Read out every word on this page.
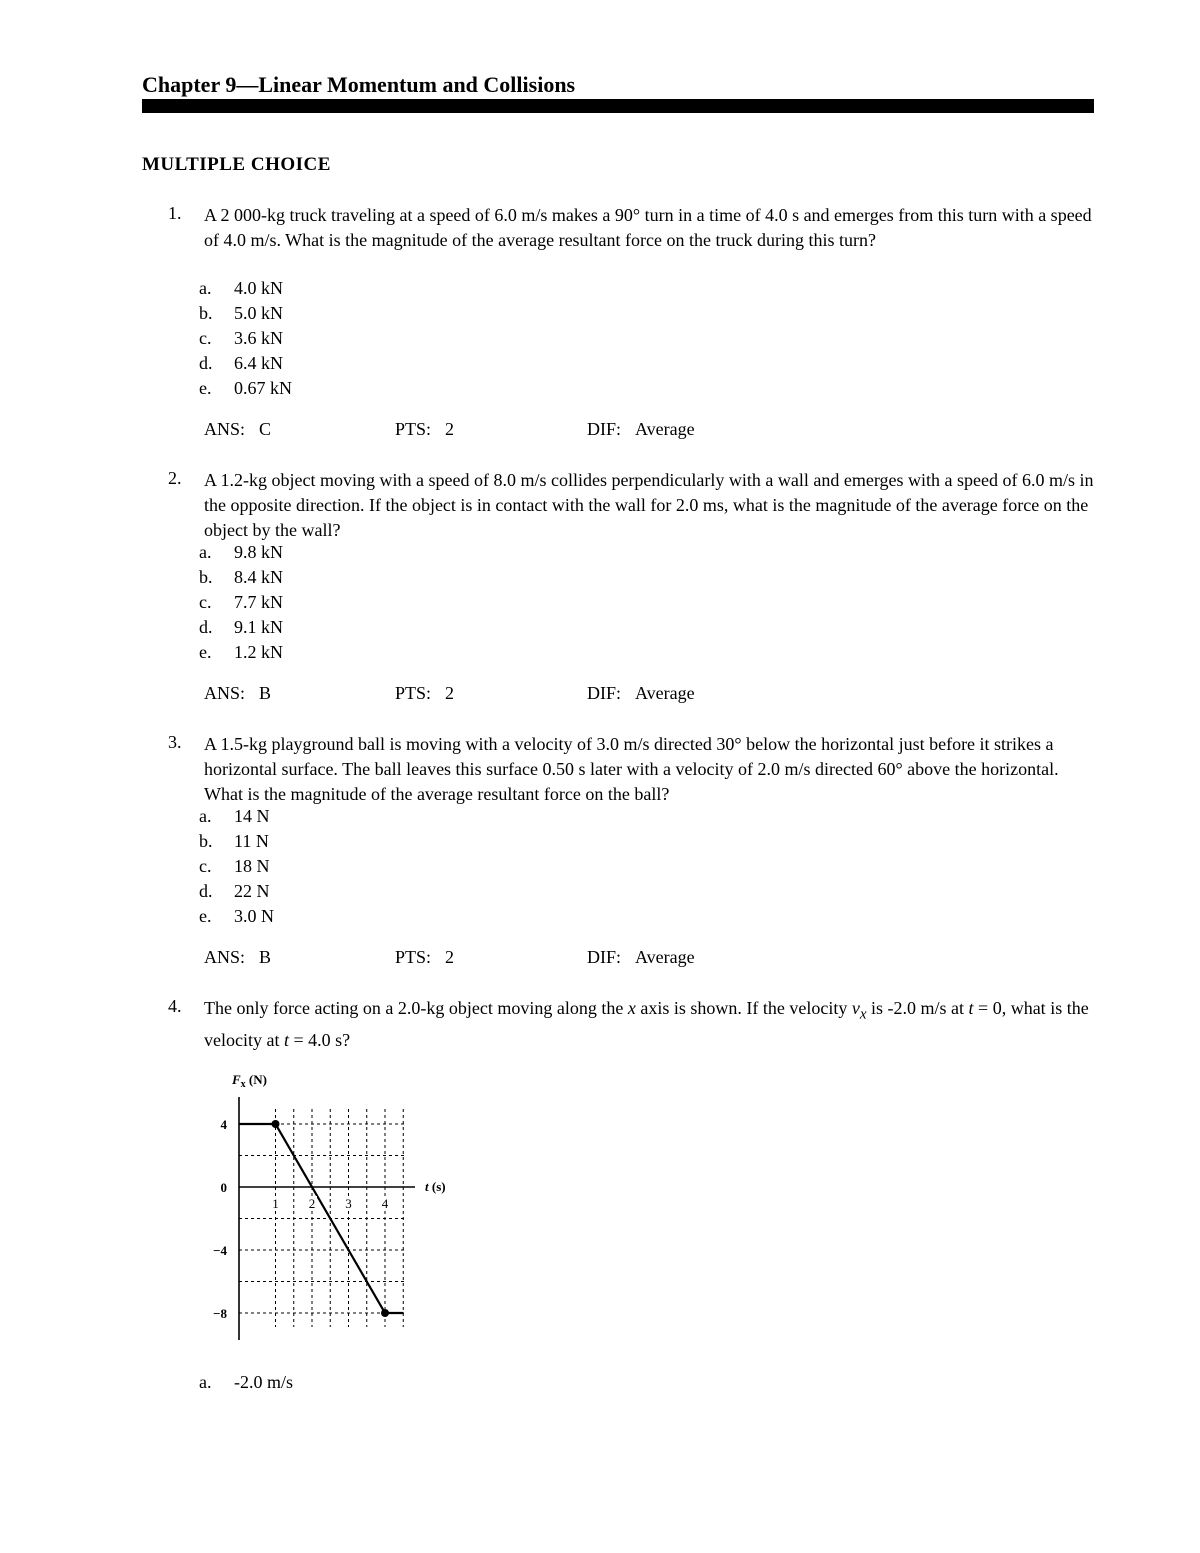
Chapter 9—Linear Momentum and Collisions
MULTIPLE CHOICE
1. A 2 000-kg truck traveling at a speed of 6.0 m/s makes a 90° turn in a time of 4.0 s and emerges from this turn with a speed of 4.0 m/s. What is the magnitude of the average resultant force on the truck during this turn?
a. 4.0 kN
b. 5.0 kN
c. 3.6 kN
d. 6.4 kN
e. 0.67 kN
ANS: C	PTS: 2	DIF: Average
2. A 1.2-kg object moving with a speed of 8.0 m/s collides perpendicularly with a wall and emerges with a speed of 6.0 m/s in the opposite direction. If the object is in contact with the wall for 2.0 ms, what is the magnitude of the average force on the object by the wall?
a. 9.8 kN
b. 8.4 kN
c. 7.7 kN
d. 9.1 kN
e. 1.2 kN
ANS: B	PTS: 2	DIF: Average
3. A 1.5-kg playground ball is moving with a velocity of 3.0 m/s directed 30° below the horizontal just before it strikes a horizontal surface. The ball leaves this surface 0.50 s later with a velocity of 2.0 m/s directed 60° above the horizontal. What is the magnitude of the average resultant force on the ball?
a. 14 N
b. 11 N
c. 18 N
d. 22 N
e. 3.0 N
ANS: B	PTS: 2	DIF: Average
4. The only force acting on a 2.0-kg object moving along the x axis is shown. If the velocity $v_x$ is -2.0 m/s at t = 0, what is the velocity at t = 4.0 s?
4
0
−4
−8
1 2 3 4
$F_x$ (N)
t (s)
a. -2.0 m/s
